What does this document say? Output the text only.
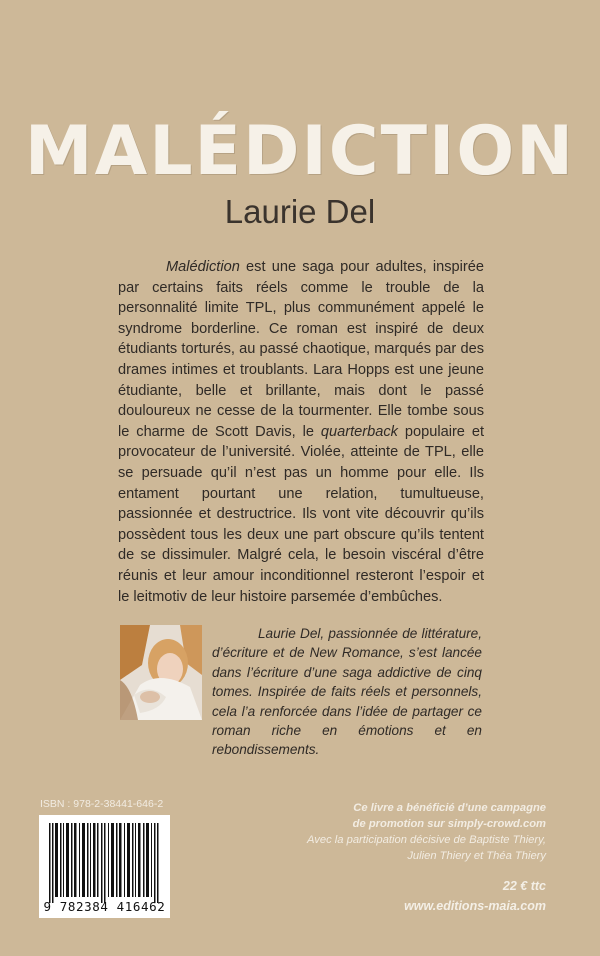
MALÉDICTION
Laurie Del

Malédiction est une saga pour adultes, inspirée par certains faits réels comme le trouble de la personnalité limite TPL, plus communément appelé le syndrome borderline. Ce roman est inspiré de deux étudiants torturés, au passé chaotique, marqués par des drames intimes et troublants. Lara Hopps est une jeune étudiante, belle et brillante, mais dont le passé douloureux ne cesse de la tourmenter. Elle tombe sous le charme de Scott Davis, le quarterback populaire et provocateur de l’université. Violée, atteinte de TPL, elle se persuade qu’il n’est pas un homme pour elle. Ils entament pourtant une relation, tumultueuse, passionnée et destructrice. Ils vont vite découvrir qu’ils possèdent tous les deux une part obscure qu’ils tentent de se dissimuler. Malgré cela, le besoin viscéral d’être réunis et leur amour inconditionnel resteront l’espoir et le leitmotiv de leur histoire parsemée d’embûches.

Laurie Del, passionnée de littérature, d’écriture et de New Romance, s’est lancée dans l’écriture d’une saga addictive de cinq tomes. Inspirée de faits réels et personnels, cela l’a renforcée dans l’idée de partager ce roman riche en émotions et en rebondissements.

ISBN : 978-2-38441-646-2
9 782384 416462
Ce livre a bénéficié d’une campagne
de promotion sur simply-crowd.com
Avec la participation décisive de Baptiste Thiery,
Julien Thiery et Théa Thiery
22 € ttc
www.editions-maia.com
